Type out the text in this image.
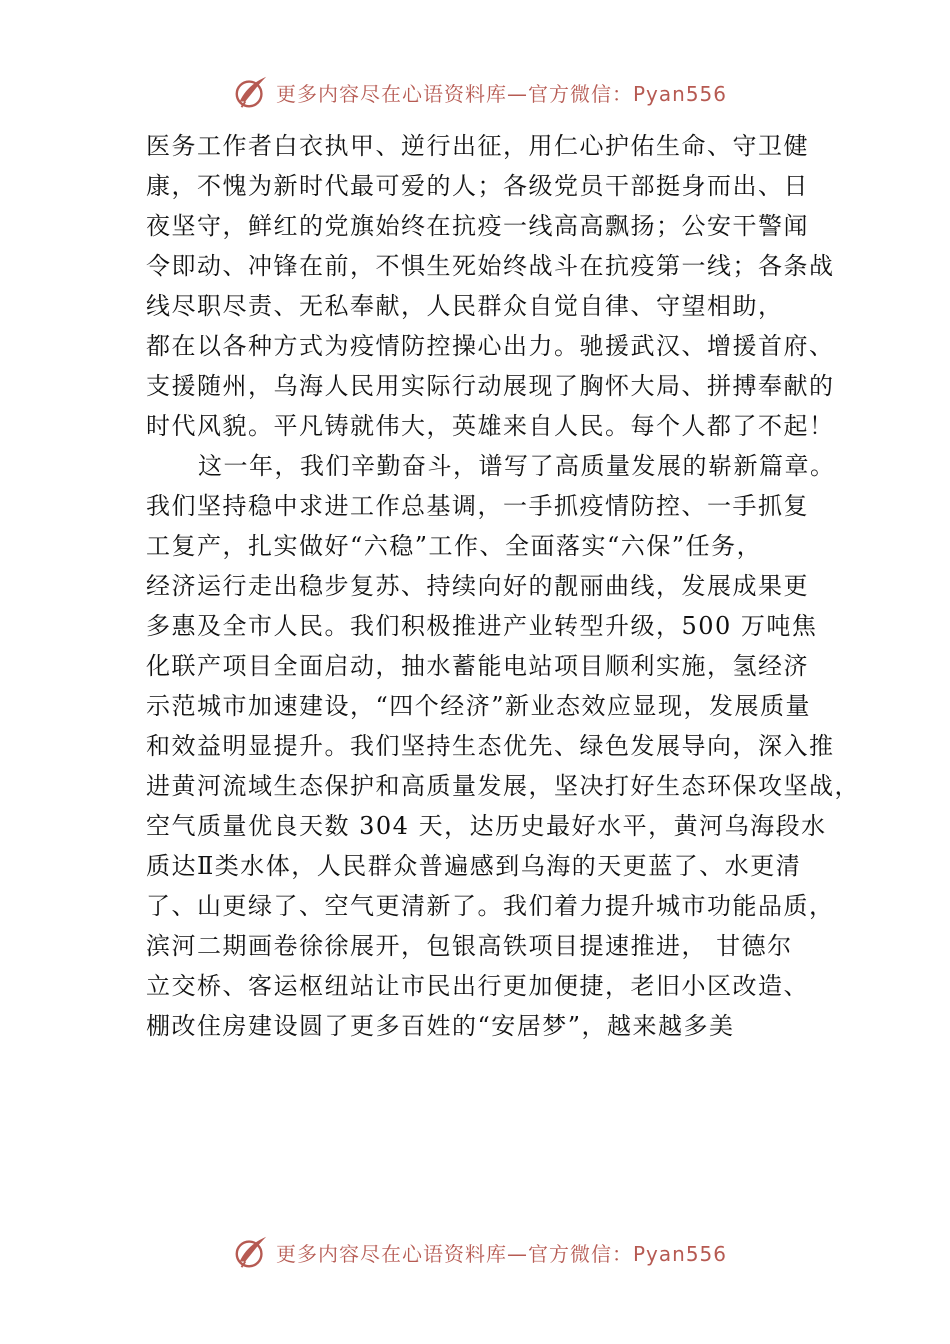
更多内容尽在心语资料库—官方微信：Pyan556
医务工作者白衣执甲、逆行出征，用仁心护佑生命、守卫健
康，不愧为新时代最可爱的人；各级党员干部挺身而出、日
夜坚守，鲜红的党旗始终在抗疫一线高高飘扬；公安干警闻
令即动、冲锋在前，不惧生死始终战斗在抗疫第一线；各条战
线尽职尽责、无私奉献，人民群众自觉自律、守望相助，
都在以各种方式为疫情防控操心出力。驰援武汉、增援首府、
支援随州，乌海人民用实际行动展现了胸怀大局、拼搏奉献的
时代风貌。平凡铸就伟大，英雄来自人民。每个人都了不起！
这一年，我们辛勤奋斗，谱写了高质量发展的崭新篇章。
我们坚持稳中求进工作总基调，一手抓疫情防控、一手抓复
工复产，扎实做好“六稳”工作、全面落实“六保”任务，
经济运行走出稳步复苏、持续向好的靓丽曲线，发展成果更
多惠及全市人民。我们积极推进产业转型升级，500 万吨焦
化联产项目全面启动，抽水蓄能电站项目顺利实施，氢经济
示范城市加速建设，“四个经济”新业态效应显现，发展质量
和效益明显提升。我们坚持生态优先、绿色发展导向，深入推
进黄河流域生态保护和高质量发展，坚决打好生态环保攻坚战，
空气质量优良天数 304 天，达历史最好水平，黄河乌海段水
质达Ⅱ类水体，人民群众普遍感到乌海的天更蓝了、水更清
了、山更绿了、空气更清新了。我们着力提升城市功能品质，
滨河二期画卷徐徐展开，包银高铁项目提速推进， 甘德尔
立交桥、客运枢纽站让市民出行更加便捷，老旧小区改造、
棚改住房建设圆了更多百姓的“安居梦”，越来越多美
更多内容尽在心语资料库—官方微信：Pyan556
